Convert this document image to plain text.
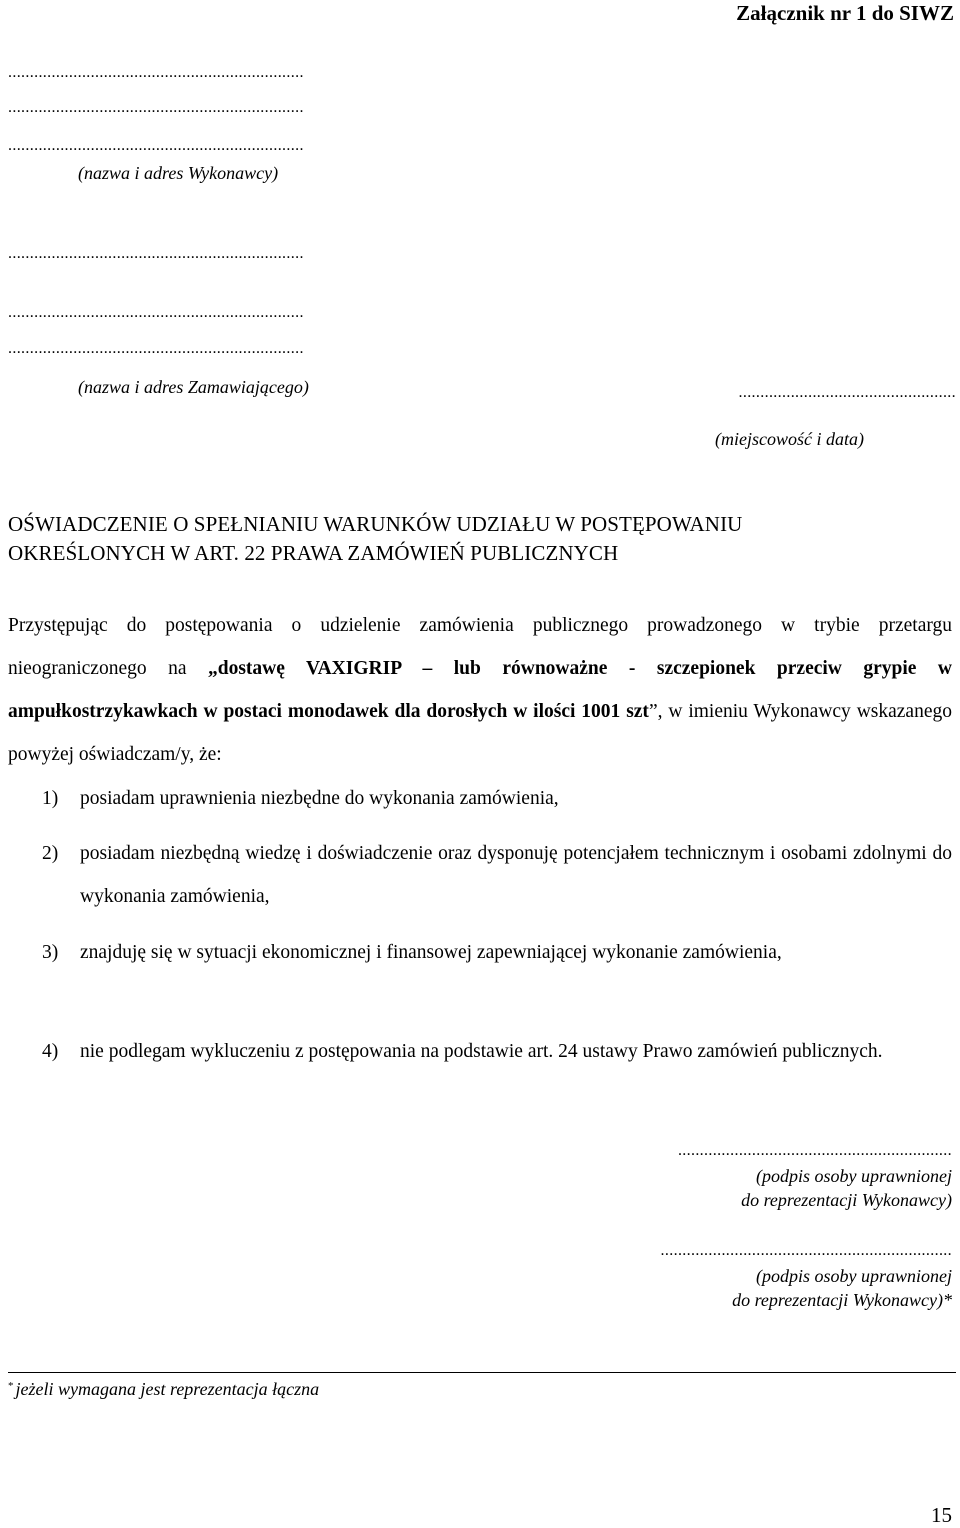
Załącznik nr 1 do SIWZ
....................................................................
....................................................................
....................................................................
(nazwa i adres Wykonawcy)
....................................................................
....................................................................
....................................................................
(nazwa i adres Zamawiającego)	..................................................
(miejscowość i data)
OŚWIADCZENIE O SPEŁNIANIU WARUNKÓW UDZIAŁU W POSTĘPOWANIU
OKREŚLONYCH W ART. 22 PRAWA ZAMÓWIEŃ PUBLICZNYCH
Przystępując do postępowania o udzielenie zamówienia publicznego prowadzonego w trybie przetargu nieograniczonego na „dostawę VAXIGRIP – lub równoważne - szczepionek przeciw grypie w ampułkostrzykawkach w postaci monodawek dla dorosłych w ilości 1001 szt”, w imieniu Wykonawcy wskazanego powyżej oświadczam/y, że:
1) posiadam uprawnienia niezbędne do wykonania zamówienia,
2) posiadam niezbędną wiedzę i doświadczenie oraz dysponuję potencjałem technicznym i osobami zdolnymi do wykonania zamówienia,
3) znajduję się w sytuacji ekonomicznej i finansowej zapewniającej wykonanie zamówienia,
4) nie podlegam wykluczeniu z postępowania na podstawie art. 24 ustawy Prawo zamówień publicznych.
...............................................................
(podpis osoby uprawnionej
do reprezentacji Wykonawcy)
...................................................................
(podpis osoby uprawnionej
do reprezentacji Wykonawcy)*
* jeżeli wymagana jest reprezentacja łączna
15
